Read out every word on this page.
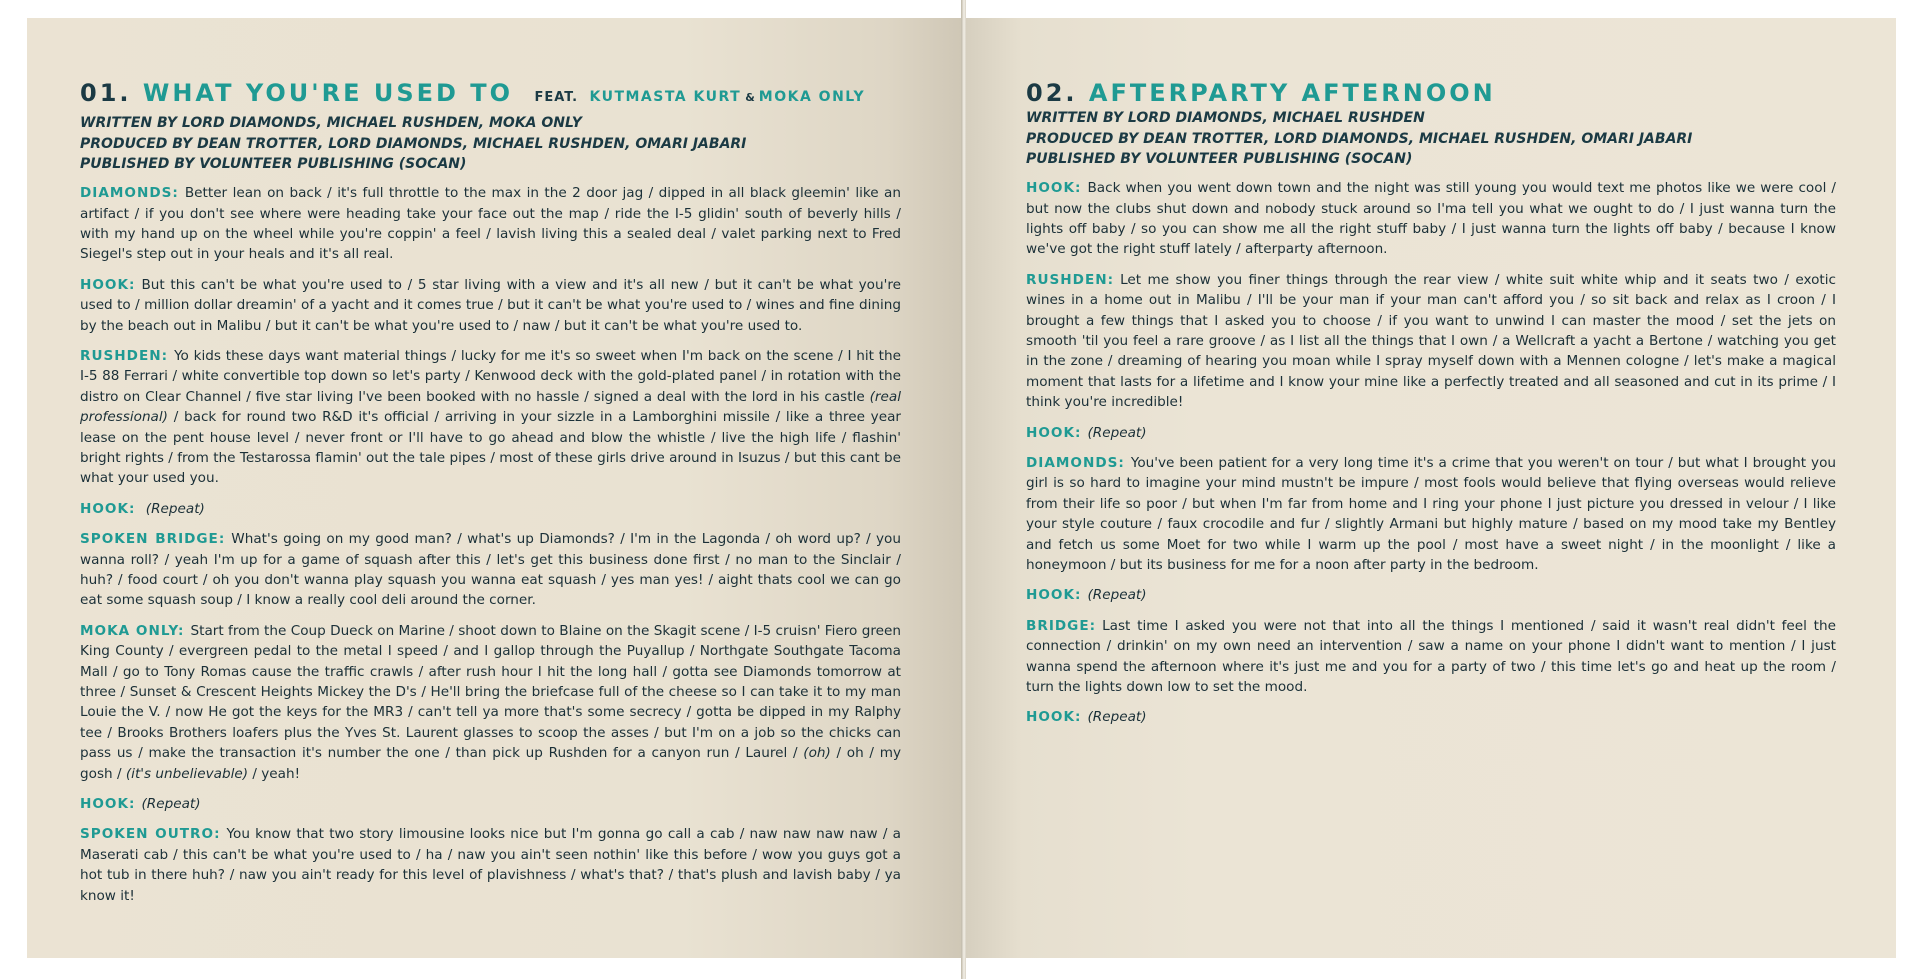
01. WHAT YOU'RE USED TO FEAT. KUTMASTA KURT & MOKA ONLY
WRITTEN BY LORD DIAMONDS, MICHAEL RUSHDEN, MOKA ONLY
PRODUCED BY DEAN TROTTER, LORD DIAMONDS, MICHAEL RUSHDEN, OMARI JABARI
PUBLISHED BY VOLUNTEER PUBLISHING (SOCAN)

DIAMONDS: Better lean on back / it's full throttle to the max in the 2 door jag / dipped in all black gleemin' like an artifact / if you don't see where were heading take your face out the map / ride the I-5 glidin' south of beverly hills / with my hand up on the wheel while you're coppin' a feel / lavish living this a sealed deal / valet parking next to Fred Siegel's step out in your heals and it's all real.

HOOK: But this can't be what you're used to / 5 star living with a view and it's all new / but it can't be what you're used to / million dollar dreamin' of a yacht and it comes true / but it can't be what you're used to / wines and fine dining by the beach out in Malibu / but it can't be what you're used to / naw / but it can't be what you're used to.

RUSHDEN: Yo kids these days want material things / lucky for me it's so sweet when I'm back on the scene / I hit the I-5 88 Ferrari / white convertible top down so let's party / Kenwood deck with the gold-plated panel / in rotation with the distro on Clear Channel / five star living I've been booked with no hassle / signed a deal with the lord in his castle (real professional) / back for round two R&D it's official / arriving in your sizzle in a Lamborghini missile / like a three year lease on the pent house level / never front or I'll have to go ahead and blow the whistle / live the high life / flashin' bright rights / from the Testarossa flamin' out the tale pipes / most of these girls drive around in Isuzus / but this cant be what your used you.

HOOK: (Repeat)

SPOKEN BRIDGE: What's going on my good man? / what's up Diamonds? / I'm in the Lagonda / oh word up? / you wanna roll? / yeah I'm up for a game of squash after this / let's get this business done first / no man to the Sinclair / huh? / food court / oh you don't wanna play squash you wanna eat squash / yes man yes! / aight thats cool we can go eat some squash soup / I know a really cool deli around the corner.

MOKA ONLY: Start from the Coup Dueck on Marine / shoot down to Blaine on the Skagit scene / I-5 cruisn' Fiero green King County / evergreen pedal to the metal I speed / and I gallop through the Puyallup / Northgate Southgate Tacoma Mall / go to Tony Romas cause the traffic crawls / after rush hour I hit the long hall / gotta see Diamonds tomorrow at three / Sunset & Crescent Heights Mickey the D's / He'll bring the briefcase full of the cheese so I can take it to my man Louie the V. / now He got the keys for the MR3 / can't tell ya more that's some secrecy / gotta be dipped in my Ralphy tee / Brooks Brothers loafers plus the Yves St. Laurent glasses to scoop the asses / but I'm on a job so the chicks can pass us / make the transaction it's number the one / than pick up Rushden for a canyon run / Laurel / (oh) / oh / my gosh / (it's unbelievable) / yeah!

HOOK: (Repeat)

SPOKEN OUTRO: You know that two story limousine looks nice but I'm gonna go call a cab / naw naw naw naw / a Maserati cab / this can't be what you're used to / ha / naw you ain't seen nothin' like this before / wow you guys got a hot tub in there huh? / naw you ain't ready for this level of plavishness / what's that? / that's plush and lavish baby / ya know it!

02. AFTERPARTY AFTERNOON
WRITTEN BY LORD DIAMONDS, MICHAEL RUSHDEN
PRODUCED BY DEAN TROTTER, LORD DIAMONDS, MICHAEL RUSHDEN, OMARI JABARI
PUBLISHED BY VOLUNTEER PUBLISHING (SOCAN)

HOOK: Back when you went down town and the night was still young you would text me photos like we were cool / but now the clubs shut down and nobody stuck around so I'ma tell you what we ought to do / I just wanna turn the lights off baby / so you can show me all the right stuff baby / I just wanna turn the lights off baby / because I know we've got the right stuff lately / afterparty afternoon.

RUSHDEN: Let me show you finer things through the rear view / white suit white whip and it seats two / exotic wines in a home out in Malibu / I'll be your man if your man can't afford you / so sit back and relax as I croon / I brought a few things that I asked you to choose / if you want to unwind I can master the mood / set the jets on smooth 'til you feel a rare groove / as I list all the things that I own / a Wellcraft a yacht a Bertone / watching you get in the zone / dreaming of hearing you moan while I spray myself down with a Mennen cologne / let's make a magical moment that lasts for a lifetime and I know your mine like a perfectly treated and all seasoned and cut in its prime / I think you're incredible!

HOOK: (Repeat)

DIAMONDS: You've been patient for a very long time it's a crime that you weren't on tour / but what I brought you girl is so hard to imagine your mind mustn't be impure / most fools would believe that flying overseas would relieve from their life so poor / but when I'm far from home and I ring your phone I just picture you dressed in velour / I like your style couture / faux crocodile and fur / slightly Armani but highly mature / based on my mood take my Bentley and fetch us some Moet for two while I warm up the pool / most have a sweet night / in the moonlight / like a honeymoon / but its business for me for a noon after party in the bedroom.

HOOK: (Repeat)

BRIDGE: Last time I asked you were not that into all the things I mentioned / said it wasn't real didn't feel the connection / drinkin' on my own need an intervention / saw a name on your phone I didn't want to mention / I just wanna spend the afternoon where it's just me and you for a party of two / this time let's go and heat up the room / turn the lights down low to set the mood.

HOOK: (Repeat)
